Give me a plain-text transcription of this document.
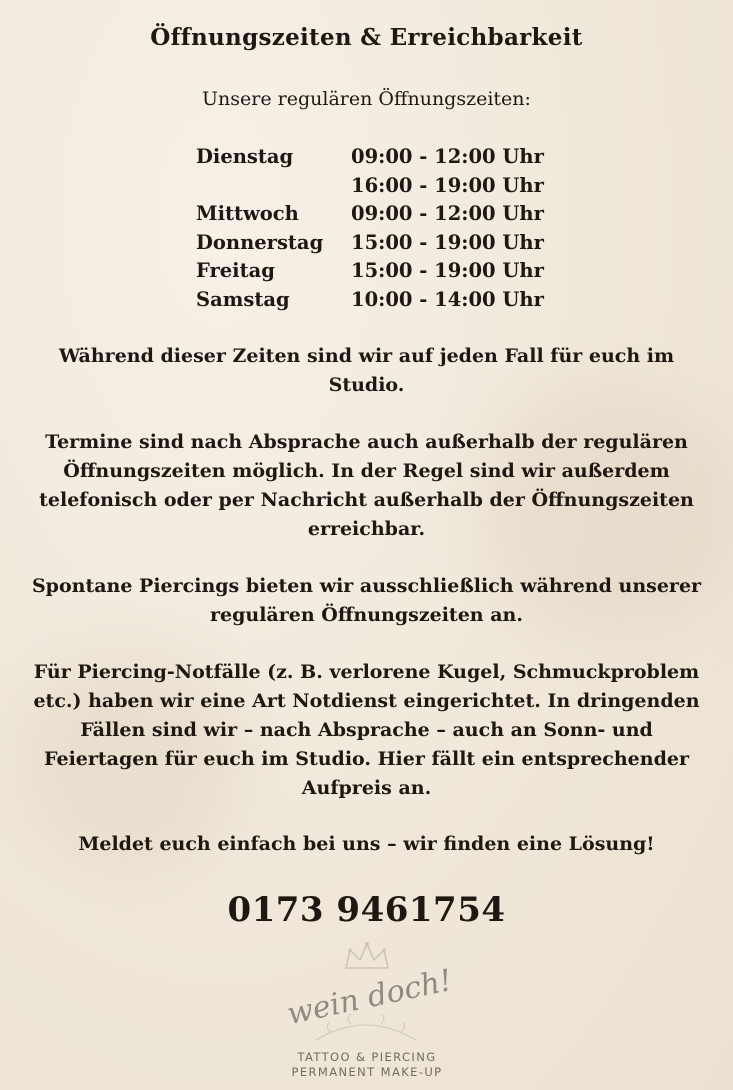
Öffnungszeiten & Erreichbarkeit

Unsere regulären Öffnungszeiten:

Dienstag	09:00 - 12:00 Uhr
16:00 - 19:00 Uhr
Mittwoch	09:00 - 12:00 Uhr
Donnerstag 15:00 - 19:00 Uhr
Freitag	15:00 - 19:00 Uhr
Samstag	10:00 - 14:00 Uhr

Während dieser Zeiten sind wir auf jeden Fall für euch im Studio.

Termine sind nach Absprache auch außerhalb der regulären Öffnungszeiten möglich. In der Regel sind wir außerdem telefonisch oder per Nachricht außerhalb der Öffnungszeiten erreichbar.

Spontane Piercings bieten wir ausschließlich während unserer regulären Öffnungszeiten an.

Für Piercing-Notfälle (z. B. verlorene Kugel, Schmuckproblem etc.) haben wir eine Art Notdienst eingerichtet. In dringenden Fällen sind wir – nach Absprache – auch an Sonn- und Feiertagen für euch im Studio. Hier fällt ein entsprechender Aufpreis an.

Meldet euch einfach bei uns – wir finden eine Lösung!

0173 9461754

wein doch!
TATTOO & PIERCING
PERMANENT MAKE-UP
